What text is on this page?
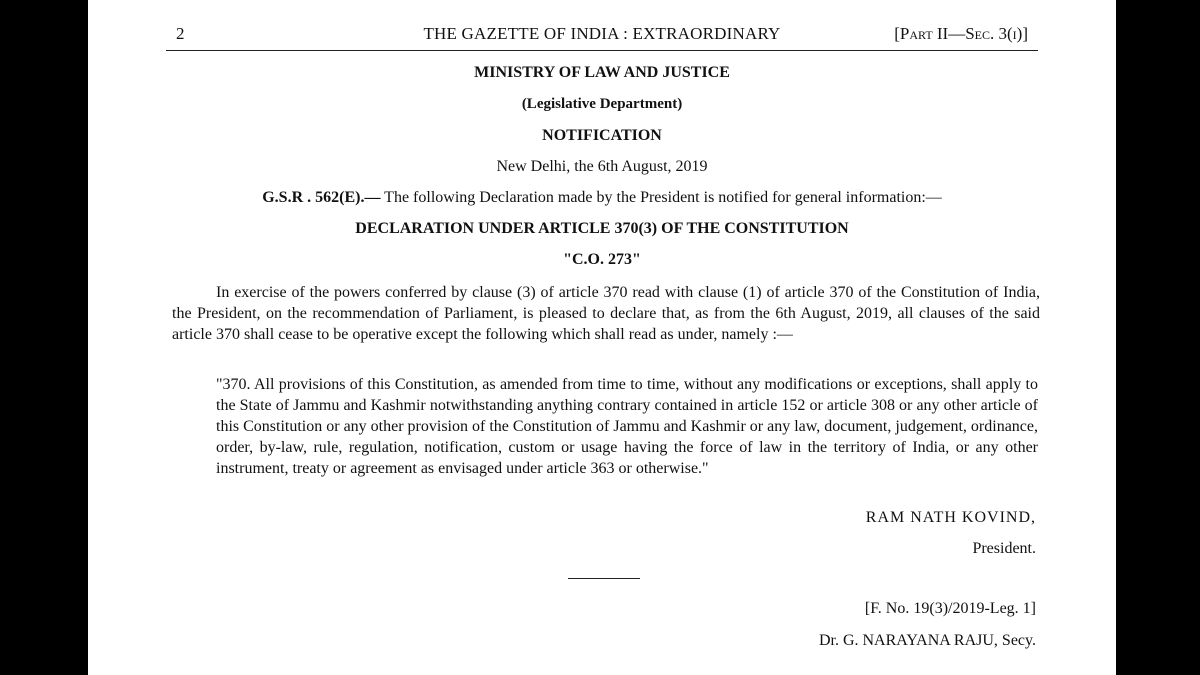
2	THE GAZETTE OF INDIA : EXTRAORDINARY	[Part II—Sec. 3(i)]
MINISTRY OF LAW AND JUSTICE
(Legislative Department)
NOTIFICATION
New Delhi, the 6th August, 2019
G.S.R . 562(E).— The following Declaration made by the President is notified for general information:—
DECLARATION UNDER ARTICLE 370(3) OF THE CONSTITUTION
"C.O. 273"

In exercise of the powers conferred by clause (3) of article 370 read with clause (1) of article 370 of the Constitution of India, the President, on the recommendation of Parliament, is pleased to declare that, as from the 6th August, 2019, all clauses of the said article 370 shall cease to be operative except the following which shall read as under, namely :—

"370. All provisions of this Constitution, as amended from time to time, without any modifications or exceptions, shall apply to the State of Jammu and Kashmir notwithstanding anything contrary contained in article 152 or article 308 or any other article of this Constitution or any other provision of the Constitution of Jammu and Kashmir or any law, document, judgement, ordinance, order, by-law, rule, regulation, notification, custom or usage having the force of law in the territory of India, or any other instrument, treaty or agreement as envisaged under article 363 or otherwise."
RAM NATH KOVIND,
President.
[F. No. 19(3)/2019-Leg. 1]
Dr. G. NARAYANA RAJU, Secy.
